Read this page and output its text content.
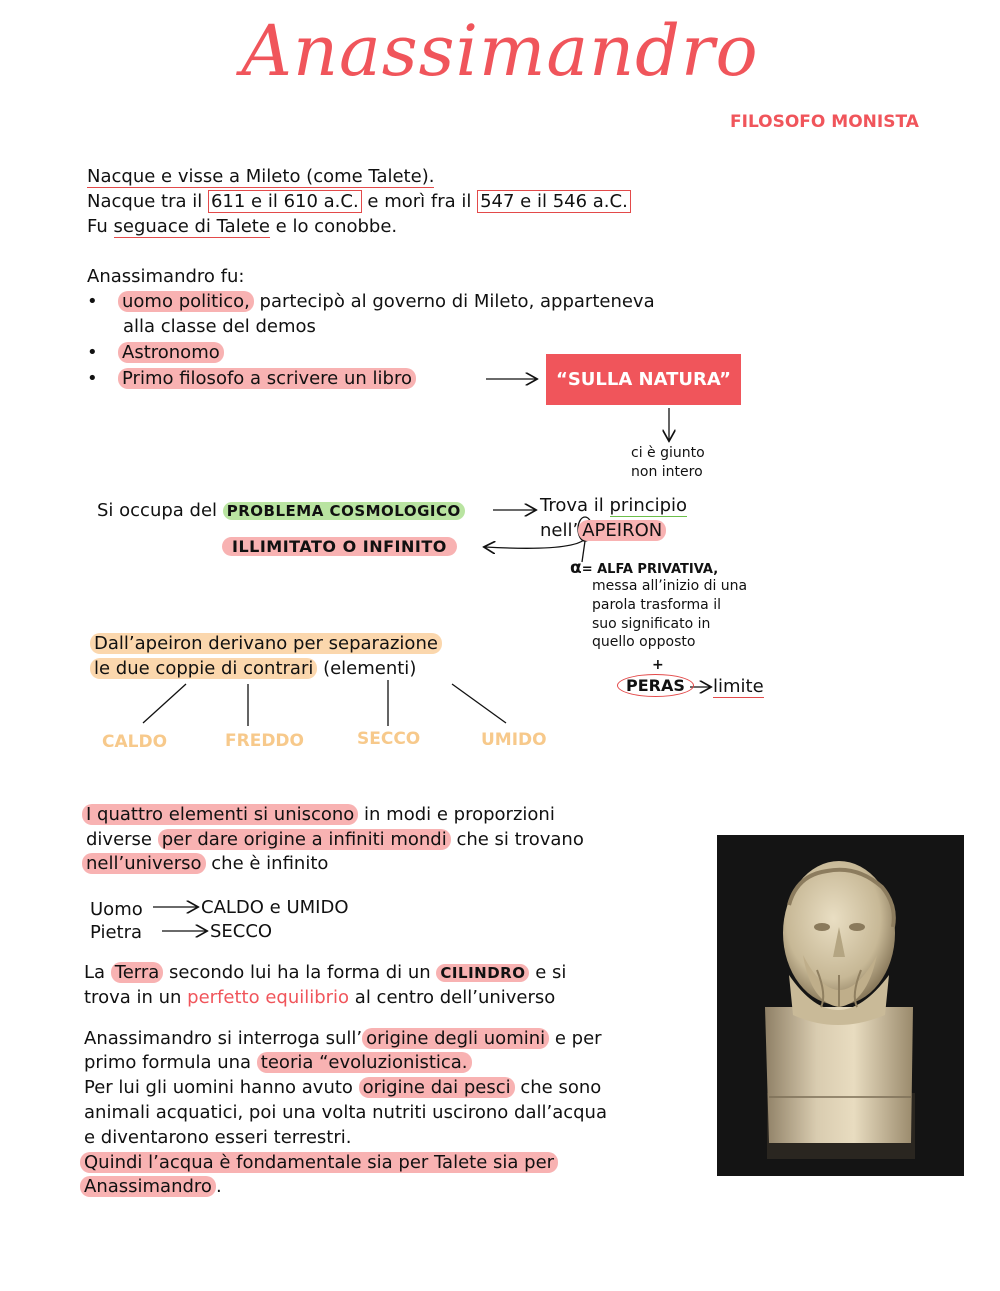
Anassimandro
FILOSOFO MONISTA
Nacque e visse a Mileto (come Talete).
Nacque tra il 611 e il 610 a.C. e morì fra il 547 e il 546 a.C.
Fu seguace di Talete e lo conobbe.
Anassimandro fu:
• uomo politico, partecipò al governo di Mileto, apparteneva
alla classe del demos
• Astronomo
• Primo filosofo a scrivere un libro	“SULLA NATURA”
ci è giunto
non intero
Si occupa del PROBLEMA COSMOLOGICO	Trova il principio
nell’ APEIRON
ILLIMITATO O INFINITO
α= ALFA PRIVATIVA,
messa all’inizio di una
parola trasforma il
suo significato in
quello opposto
+
PERAS	limite
Dall’apeiron derivano per separazione
le due coppie di contrari (elementi)
CALDO	FREDDO	SECCO	UMIDO
I quattro elementi si uniscono in modi e proporzioni
diverse per dare origine a infiniti mondi che si trovano
nell’universo che è infinito
Uomo	CALDO e UMIDO
Pietra	SECCO
La Terra secondo lui ha la forma di un CILINDRO e si
trova in un perfetto equilibrio al centro dell’universo
Anassimandro si interroga sull’ origine degli uomini e per
primo formula una teoria “evoluzionistica.
Per lui gli uomini hanno avuto origine dai pesci che sono
animali acquatici, poi una volta nutriti uscirono dall’acqua
e diventarono esseri terrestri.
Quindi l’acqua è fondamentale sia per Talete sia per
Anassimandro .
